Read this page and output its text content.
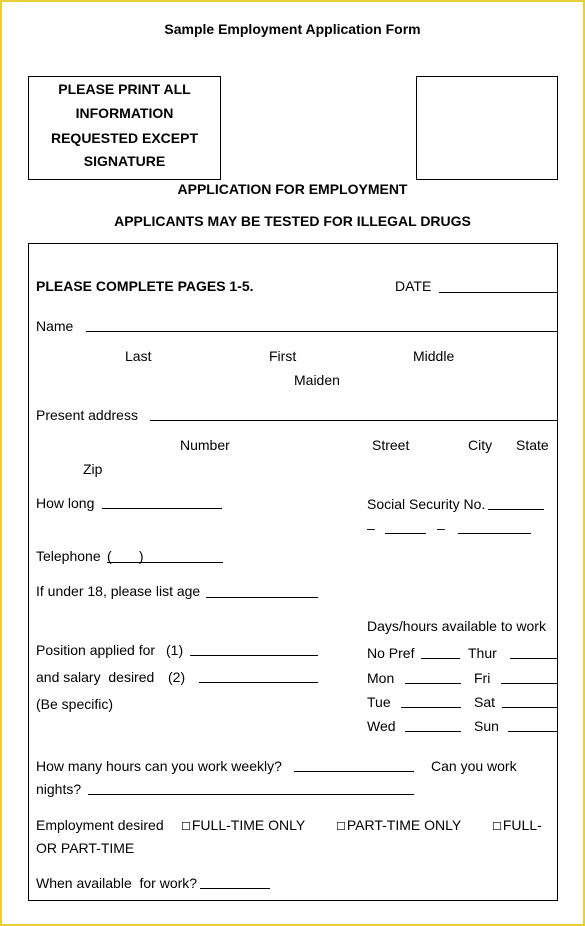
Sample Employment Application Form
PLEASE PRINT ALL
INFORMATION
REQUESTED EXCEPT
SIGNATURE
APPLICATION FOR EMPLOYMENT
APPLICANTS MAY BE TESTED FOR ILLEGAL DRUGS
PLEASE COMPLETE PAGES 1-5.	DATE
Name
Last	First	Middle
Maiden
Present address
Number	Street	City State
Zip
How long	Social Security No.
–	–
Telephone (       )
If under 18, please list age
Days/hours available to work
No Pref	Thur
Mon	Fri
Tue	Sat
Wed	Sun
Position applied for (1)
and salary  desired (2)
(Be specific)
How many hours can you work weekly?	Can you work
nights?
Employment desired ☐FULL-TIME ONLY	☐PART-TIME ONLY	☐FULL-
OR PART-TIME
When available  for work?
